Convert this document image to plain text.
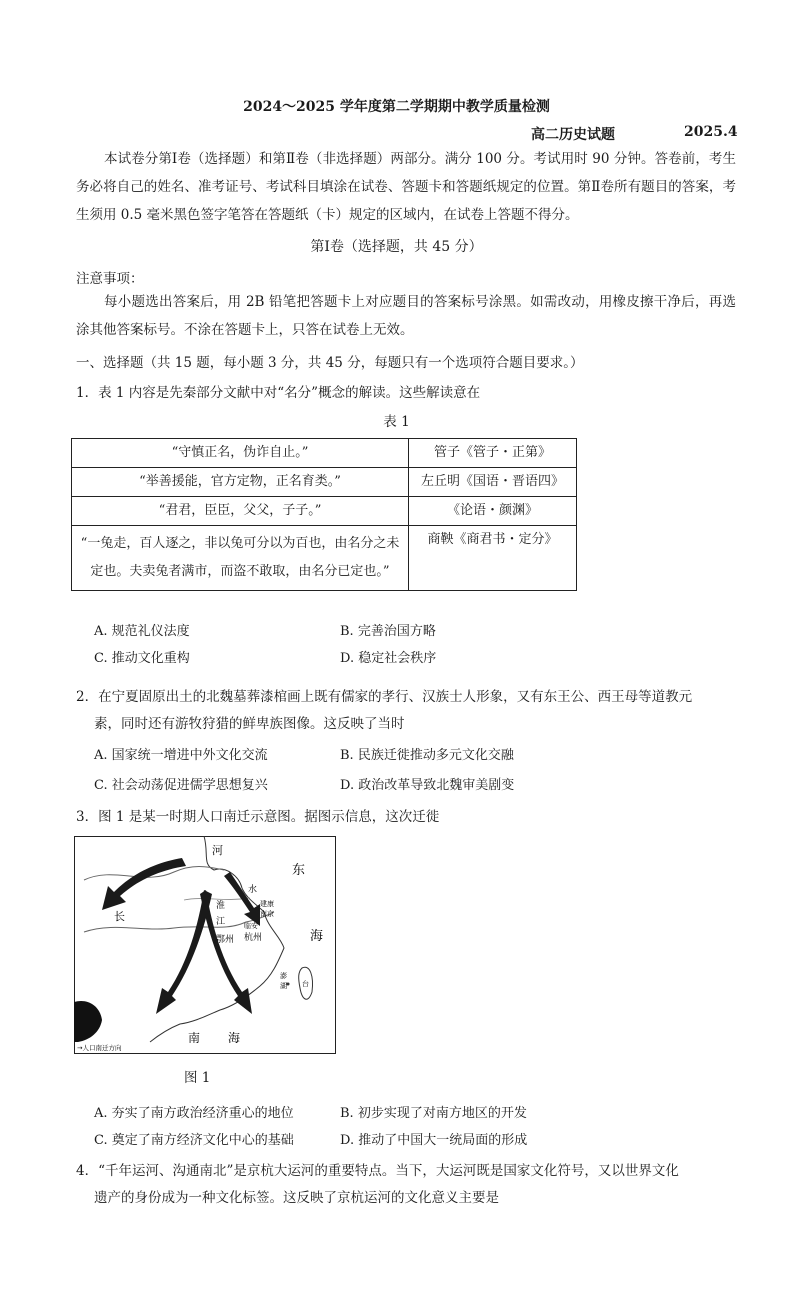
2024～2025 学年度第二学期期中教学质量检测
高二历史试题	2025.4
本试卷分第Ⅰ卷（选择题）和第Ⅱ卷（非选择题）两部分。满分 100 分。考试用时 90 分钟。答卷前，考生务必将自己的姓名、准考证号、考试科目填涂在试卷、答题卡和答题纸规定的位置。第Ⅱ卷所有题目的答案，考生须用 0.5 毫米黑色签字笔答在答题纸（卡）规定的区域内，在试卷上答题不得分。
第Ⅰ卷（选择题，共 45 分）
注意事项：
每小题选出答案后，用 2B 铅笔把答题卡上对应题目的答案标号涂黑。如需改动，用橡皮擦干净后，再选涂其他答案标号。不涂在答题卡上，只答在试卷上无效。
一、选择题（共 15 题，每小题 3 分，共 45 分，每题只有一个选项符合题目要求。）
1．表 1 内容是先秦部分文献中对“名分”概念的解读。这些解读意在
表 1
“守慎正名，伪诈自止。”	管子《管子・正第》
“举善援能，官方定物，正名育类。”	左丘明《国语・晋语四》
“君君，臣臣，父父，子子。”	《论语・颜渊》
“一兔走，百人逐之，非以兔可分以为百也，由名分之未定也。夫卖兔者满市，而盗不敢取，由名分已定也。”	商鞅《商君书・定分》
A. 规范礼仪法度	B. 完善治国方略
C. 推动文化重构	D. 稳定社会秩序
2．在宁夏固原出土的北魏墓葬漆棺画上既有儒家的孝行、汉族士人形象，又有东王公、西王母等道教元
素，同时还有游牧狩猎的鲜卑族图像。这反映了当时
A. 国家统一增进中外文化交流	B. 民族迁徙推动多元文化交融
C. 社会动荡促进儒学思想复兴	D. 政治改革导致北魏审美剧变
3．图 1 是某一时期人口南迁示意图。据图示信息，这次迁徙
河
东
海
淮
长	江
水
建康
南京
临安
杭州
鄂州
南 海
澎
湖 台
→人口南迁方向
图 1
A. 夯实了南方政治经济重心的地位	B. 初步实现了对南方地区的开发
C. 奠定了南方经济文化中心的基础	D. 推动了中国大一统局面的形成
4．“千年运河、沟通南北”是京杭大运河的重要特点。当下，大运河既是国家文化符号，又以世界文化
遗产的身份成为一种文化标签。这反映了京杭运河的文化意义主要是
